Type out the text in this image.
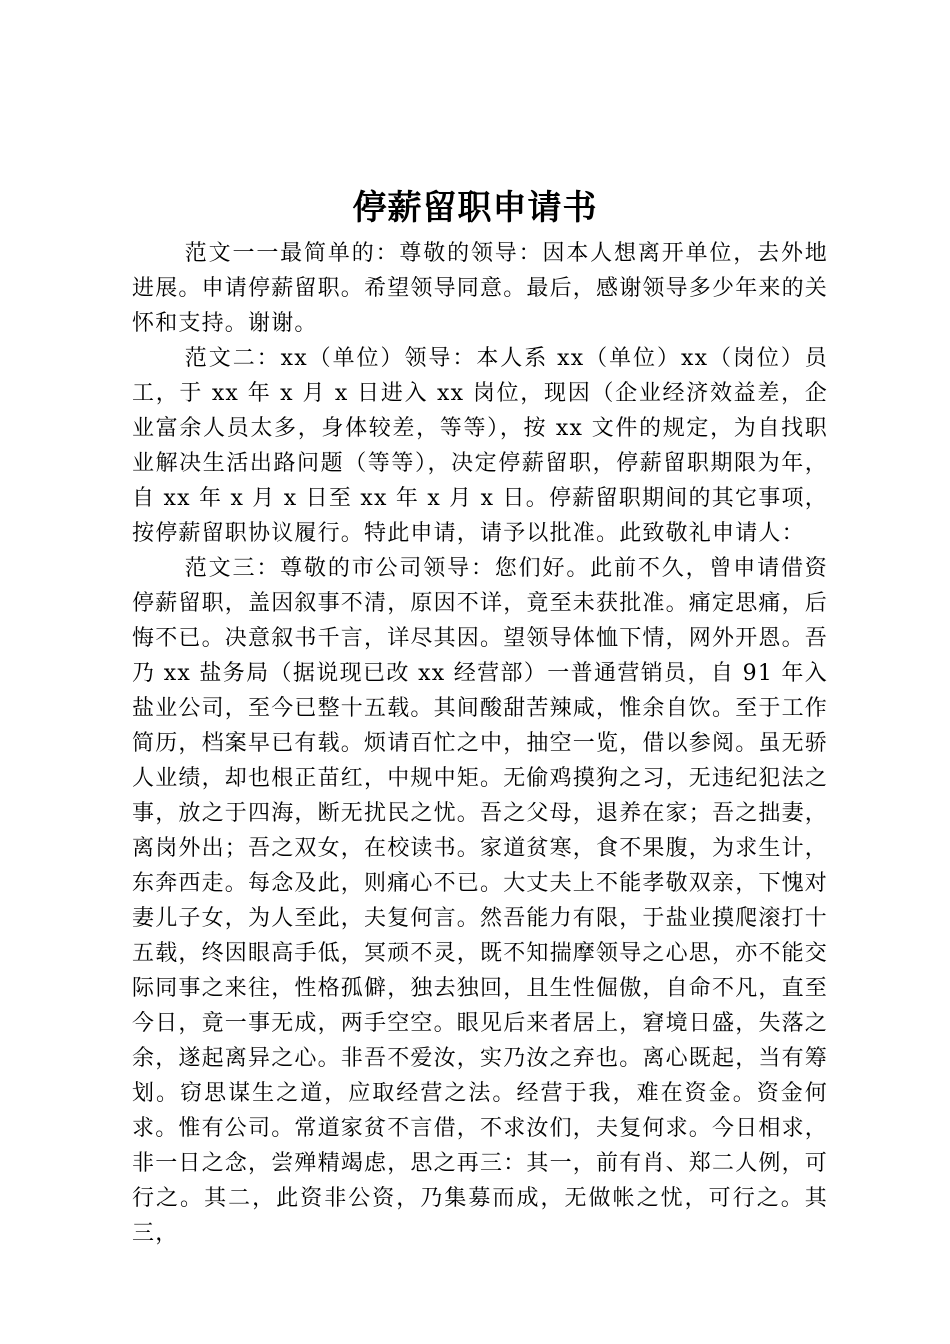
停薪留职申请书

范文一一最简单的：尊敬的领导：因本人想离开单位，去外地进展。申请停薪留职。希望领导同意。最后，感谢领导多少年来的关怀和支持。谢谢。

范文二：xx（单位）领导：本人系 xx（单位）xx（岗位）员工，于 xx 年 x 月 x 日进入 xx 岗位，现因（企业经济效益差，企业富余人员太多，身体较差，等等），按 xx 文件的规定，为自找职业解决生活出路问题（等等），决定停薪留职，停薪留职期限为年，自 xx 年 x 月 x 日至 xx 年 x 月 x 日。停薪留职期间的其它事项，按停薪留职协议履行。特此申请，请予以批准。此致敬礼申请人：

范文三：尊敬的市公司领导：您们好。此前不久，曾申请借资停薪留职，盖因叙事不清，原因不详，竟至未获批准。痛定思痛，后悔不已。决意叙书千言，详尽其因。望领导体恤下情，网外开恩。吾乃 xx 盐务局（据说现已改 xx 经营部）一普通营销员，自 91 年入盐业公司，至今已整十五载。其间酸甜苦辣咸，惟余自饮。至于工作简历，档案早已有载。烦请百忙之中，抽空一览，借以参阅。虽无骄人业绩，却也根正苗红，中规中矩。无偷鸡摸狗之习，无违纪犯法之事，放之于四海，断无扰民之忧。吾之父母，退养在家；吾之拙妻，离岗外出；吾之双女，在校读书。家道贫寒，食不果腹，为求生计，东奔西走。每念及此，则痛心不已。大丈夫上不能孝敬双亲，下愧对妻儿子女，为人至此，夫复何言。然吾能力有限，于盐业摸爬滚打十五载，终因眼高手低，冥顽不灵，既不知揣摩领导之心思，亦不能交际同事之来往，性格孤僻，独去独回，且生性倔傲，自命不凡，直至今日，竟一事无成，两手空空。眼见后来者居上，窘境日盛，失落之余，遂起离异之心。非吾不爱汝，实乃汝之弃也。离心既起，当有筹划。窃思谋生之道，应取经营之法。经营于我，难在资金。资金何求。惟有公司。常道家贫不言借，不求汝们，夫复何求。今日相求，非一日之念，尝殚精竭虑，思之再三：其一，前有肖、郑二人例，可行之。其二，此资非公资，乃集募而成，无做帐之忧，可行之。其三，
